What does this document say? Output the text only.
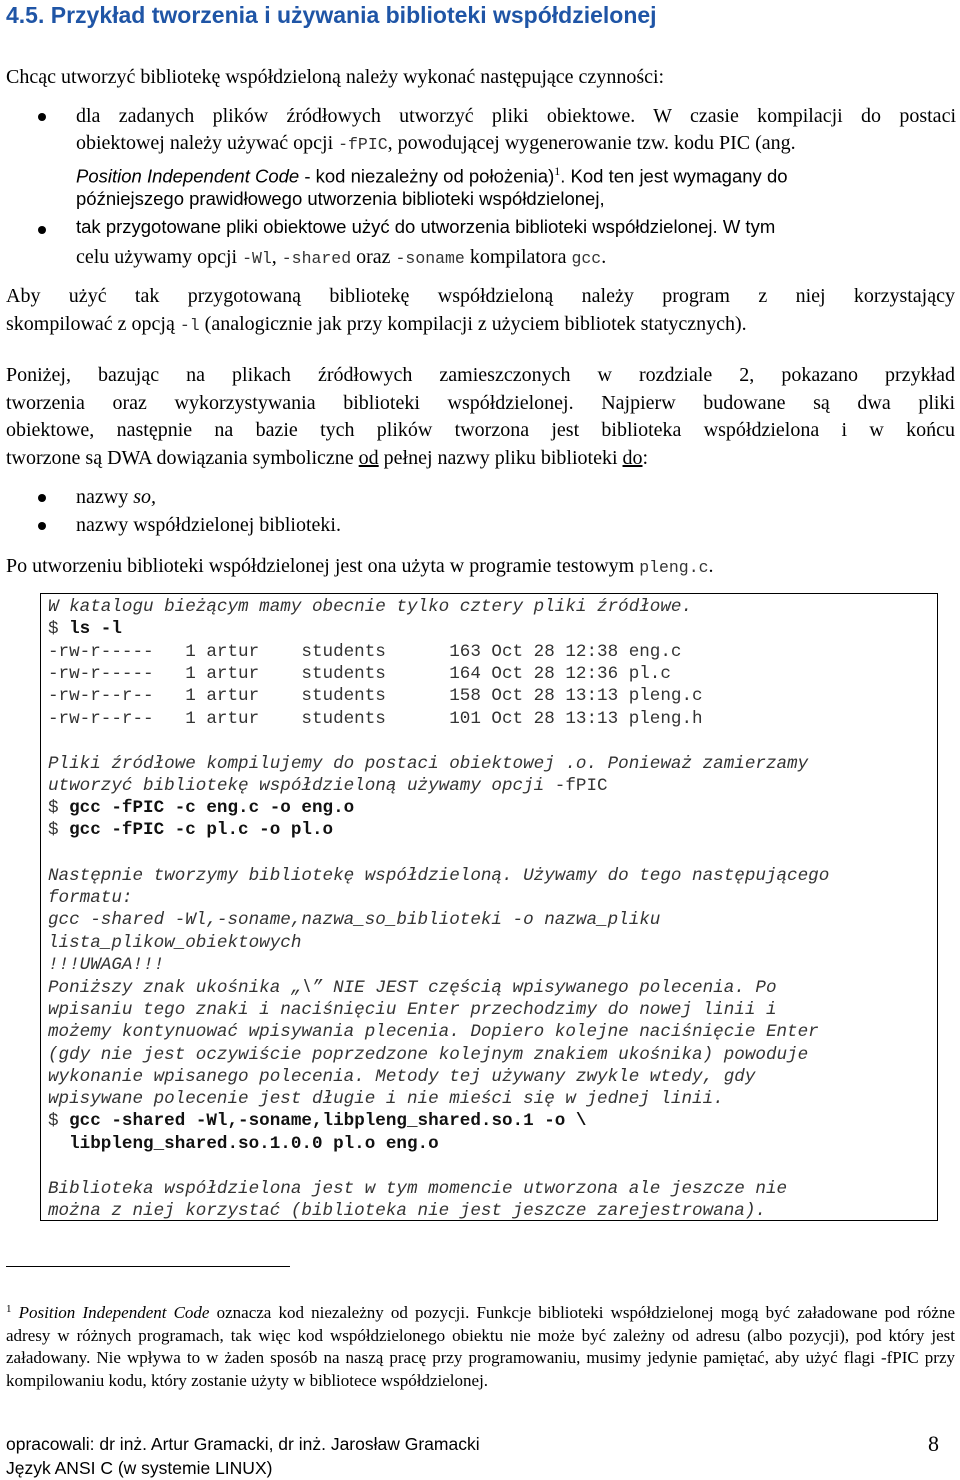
4.5. Przykład tworzenia i używania biblioteki współdzielonej

Chcąc utworzyć bibliotekę współdzieloną należy wykonać następujące czynności:

dla zadanych plików źródłowych utworzyć pliki obiektowe. W czasie kompilacji do postaci
obiektowej należy używać opcji -fPIC, powodującej wygenerowanie tzw. kodu PIC (ang.
Position Independent Code - kod niezależny od położenia)$^1$. Kod ten jest wymagany do
późniejszego prawidłowego utworzenia biblioteki współdzielonej,
tak przygotowane pliki obiektowe użyć do utworzenia biblioteki współdzielonej. W tym
celu używamy opcji -Wl, -shared oraz -soname kompilatora gcc.
Aby użyć tak przygotowaną bibliotekę współdzieloną należy program z niej korzystający
skompilować z opcją -l (analogicznie jak przy kompilacji z użyciem bibliotek statycznych).
Poniżej, bazując na plikach źródłowych zamieszczonych w rozdziale 2, pokazano przykład
tworzenia oraz wykorzystywania biblioteki współdzielonej. Najpierw budowane są dwa pliki
obiektowe, następnie na bazie tych plików tworzona jest biblioteka współdzielona i w końcu
tworzone są DWA dowiązania symboliczne od pełnej nazwy pliku biblioteki do:
nazwy so,
nazwy współdzielonej biblioteki.
Po utworzeniu biblioteki współdzielonej jest ona użyta w programie testowym pleng.c.
W katalogu bieżącym mamy obecnie tylko cztery pliki źródłowe.
$ ls -l
-rw-r-----   1 artur    students      163 Oct 28 12:38 eng.c
-rw-r-----   1 artur    students      164 Oct 28 12:36 pl.c
-rw-r--r--   1 artur    students      158 Oct 28 13:13 pleng.c
-rw-r--r--   1 artur    students      101 Oct 28 13:13 pleng.h
Pliki źródłowe kompilujemy do postaci obiektowej .o. Ponieważ zamierzamy
utworzyć bibliotekę współdzieloną używamy opcji -fPIC
$ gcc -fPIC -c eng.c -o eng.o
$ gcc -fPIC -c pl.c -o pl.o
Następnie tworzymy bibliotekę współdzieloną. Używamy do tego następującego
formatu:
gcc -shared -Wl,-soname,nazwa_so_biblioteki -o nazwa_pliku
lista_plikow_obiektowych
!!!UWAGA!!!
Poniższy znak ukośnika „\” NIE JEST częścią wpisywanego polecenia. Po
wpisaniu tego znaki i naciśnięciu Enter przechodzimy do nowej linii i
możemy kontynuować wpisywania plecenia. Dopiero kolejne naciśnięcie Enter
(gdy nie jest oczywiście poprzedzone kolejnym znakiem ukośnika) powoduje
wykonanie wpisanego polecenia. Metody tej używany zwykle wtedy, gdy
wpisywane polecenie jest długie i nie mieści się w jednej linii.
$ gcc -shared -Wl,-soname,libpleng_shared.so.1 -o \
libpleng_shared.so.1.0.0 pl.o eng.o
Biblioteka współdzielona jest w tym momencie utworzona ale jeszcze nie
można z niej korzystać (biblioteka nie jest jeszcze zarejestrowana).

$^1$ Position Independent Code oznacza kod niezależny od pozycji. Funkcje biblioteki współdzielonej mogą być załadowane pod różne adresy w różnych programach, tak więc kod współdzielonego obiektu nie może być zależny od adresu (albo pozycji), pod który jest załadowany. Nie wpływa to w żaden sposób na naszą pracę przy programowaniu, musimy jedynie pamiętać, aby użyć flagi -fPIC przy kompilowaniu kodu, który zostanie użyty w bibliotece współdzielonej.

opracowali: dr inż. Artur Gramacki, dr inż. Jarosław Gramacki
Język ANSI C (w systemie LINUX)
8
